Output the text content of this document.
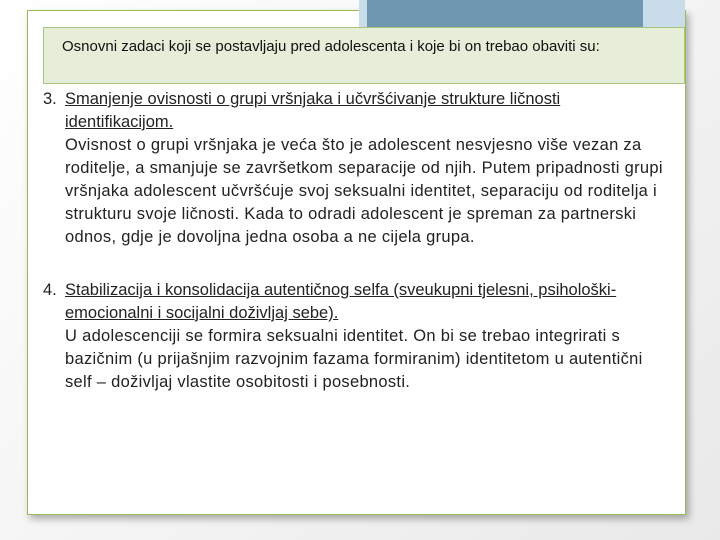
Osnovni zadaci koji se postavljaju pred adolescenta i koje bi on trebao obaviti su:

3. Smanjenje ovisnosti o grupi vršnjaka i učvršćivanje strukture ličnosti identifikacijom.
Ovisnost o grupi vršnjaka je veća što je adolescent nesvjesno više vezan za roditelje, a smanjuje se završetkom separacije od njih. Putem pripadnosti grupi vršnjaka adolescent učvršćuje svoj seksualni identitet, separaciju od roditelja i strukturu svoje ličnosti. Kada to odradi adolescent je spreman za partnerski odnos, gdje je dovoljna jedna osoba a ne cijela grupa.
4. Stabilizacija i konsolidacija autentičnog selfa (sveukupni tjelesni, psihološki-emocionalni i socijalni doživljaj sebe).
U adolescenciji se formira seksualni identitet. On bi se trebao integrirati s bazičnim (u prijašnjim razvojnim fazama formiranim) identitetom u autentični self – doživljaj vlastite osobitosti i posebnosti.
